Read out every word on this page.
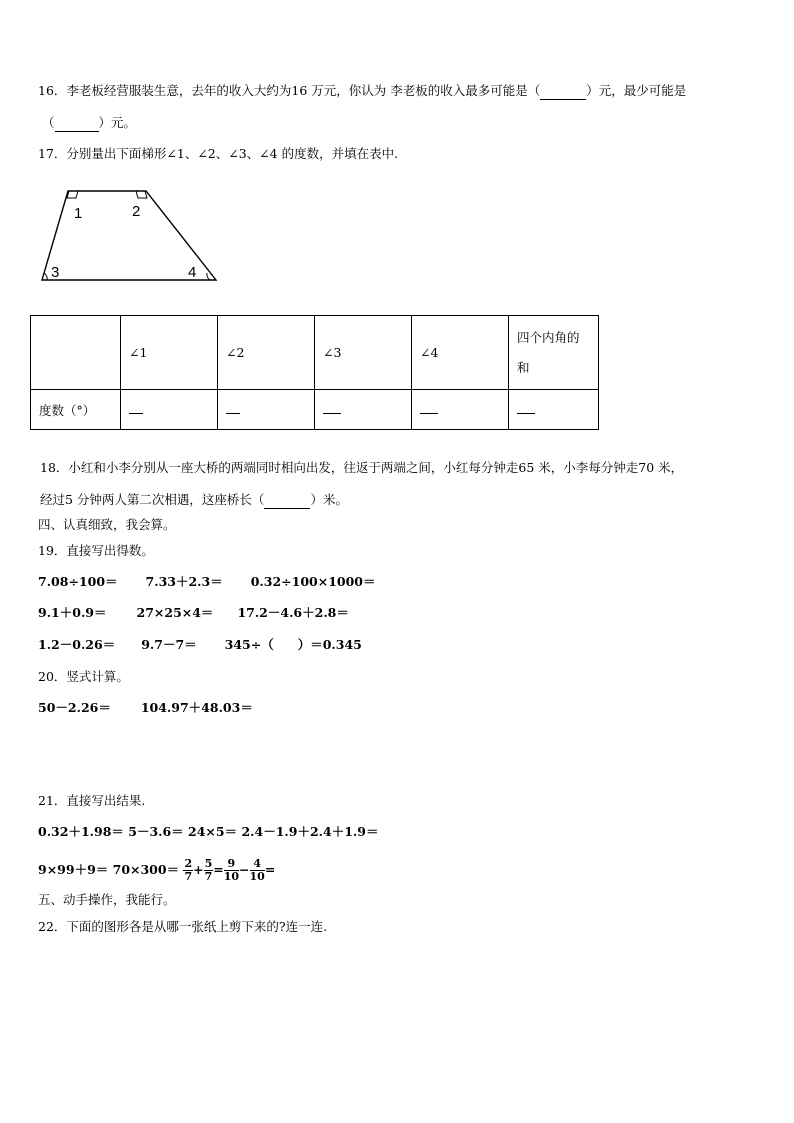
16．李老板经营服装生意，去年的收入大约为16 万元，你认为 李老板的收入最多可能是（	）元，最少可能是
（	）元。
17．分别量出下面梯形∠1、∠2、∠3、∠4 的度数，并填在表中.
1	2
3	4
	∠1	∠2	∠3	∠4	四个内角的
和
度数（°）					
18．小红和小李分别从一座大桥的两端同时相向出发，往返于两端之间，小红每分钟走65 米，小李每分钟走70 米，
经过5 分钟两人第二次相遇，这座桥长（	）米。
四、认真细致，我会算。
19．直接写出得数。
7.08÷100＝ 7.33＋2.3＝ 0.32÷100×1000＝
9.1＋0.9＝ 27×25×4＝ 17.2－4.6＋2.8＝
1.2－0.26＝ 9.7－7＝ 345÷（ ）＝0.345
20．竖式计算。
50－2.26＝ 104.97＋48.03＝
21．直接写出结果.
0.32＋1.98＝ 5－3.6＝ 24×5＝ 2.4－1.9＋2.4＋1.9＝
$9\times 99+9= 70\times 300= \frac{2}{7} + \frac{5}{7} = \frac{9}{10} - \frac{4}{10}$ =
五、动手操作，我能行。
22．下面的图形各是从哪一张纸上剪下来的?连一连.
